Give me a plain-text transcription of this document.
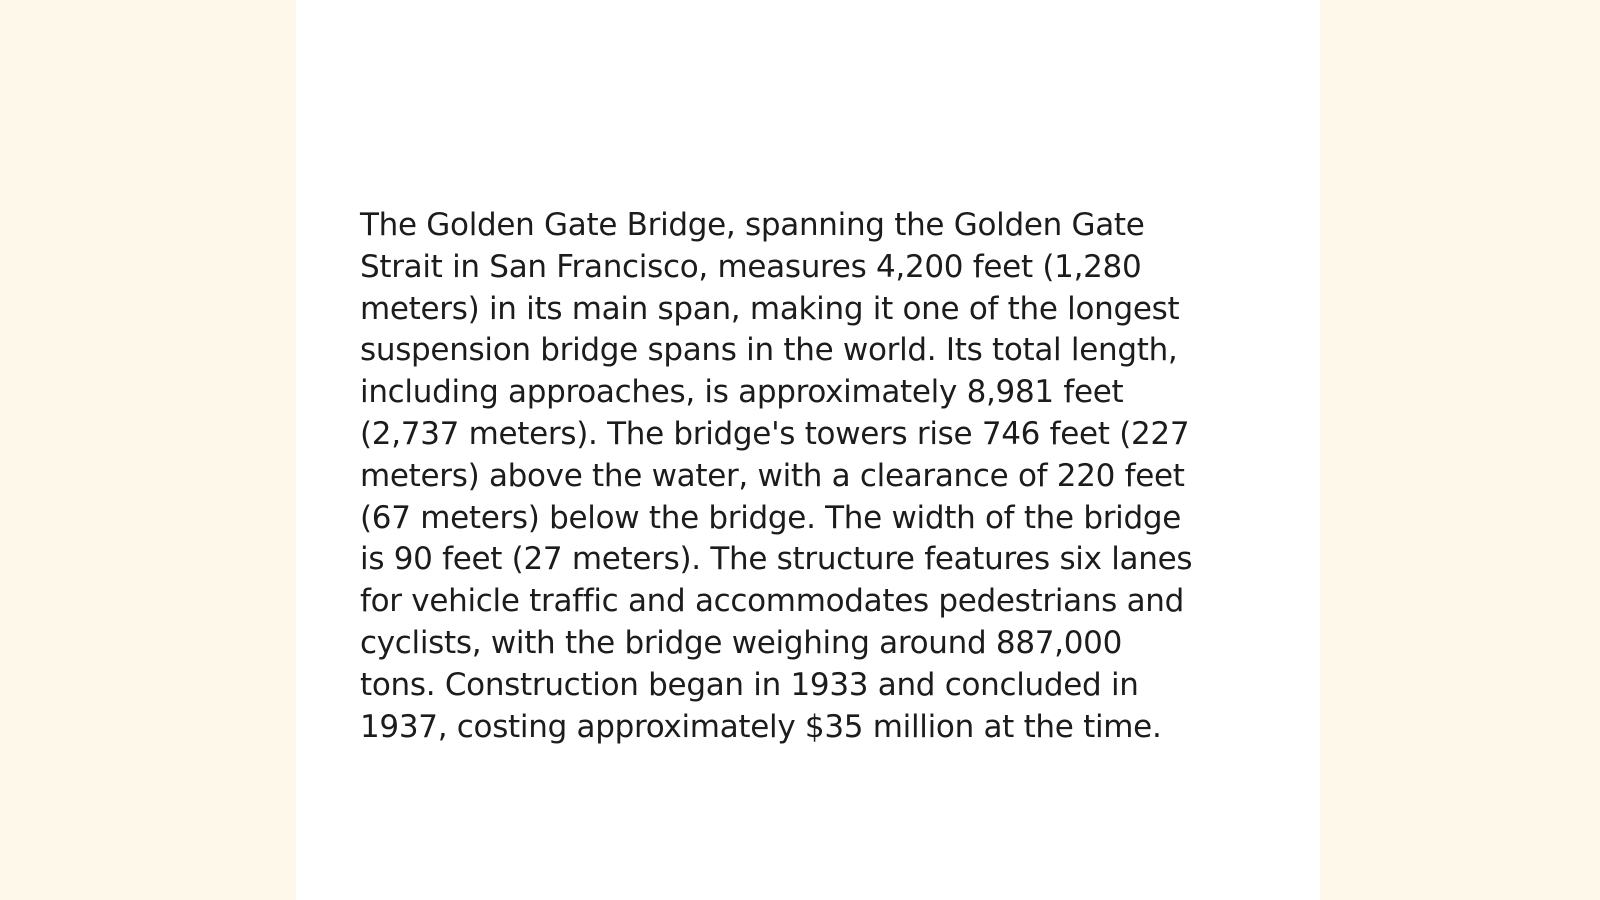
The Golden Gate Bridge, spanning the Golden Gate
Strait in San Francisco, measures 4,200 feet (1,280
meters) in its main span, making it one of the longest
suspension bridge spans in the world. Its total length,
including approaches, is approximately 8,981 feet
(2,737 meters). The bridge's towers rise 746 feet (227
meters) above the water, with a clearance of 220 feet
(67 meters) below the bridge. The width of the bridge
is 90 feet (27 meters). The structure features six lanes
for vehicle traffic and accommodates pedestrians and
cyclists, with the bridge weighing around 887,000
tons. Construction began in 1933 and concluded in
1937, costing approximately $35 million at the time.
